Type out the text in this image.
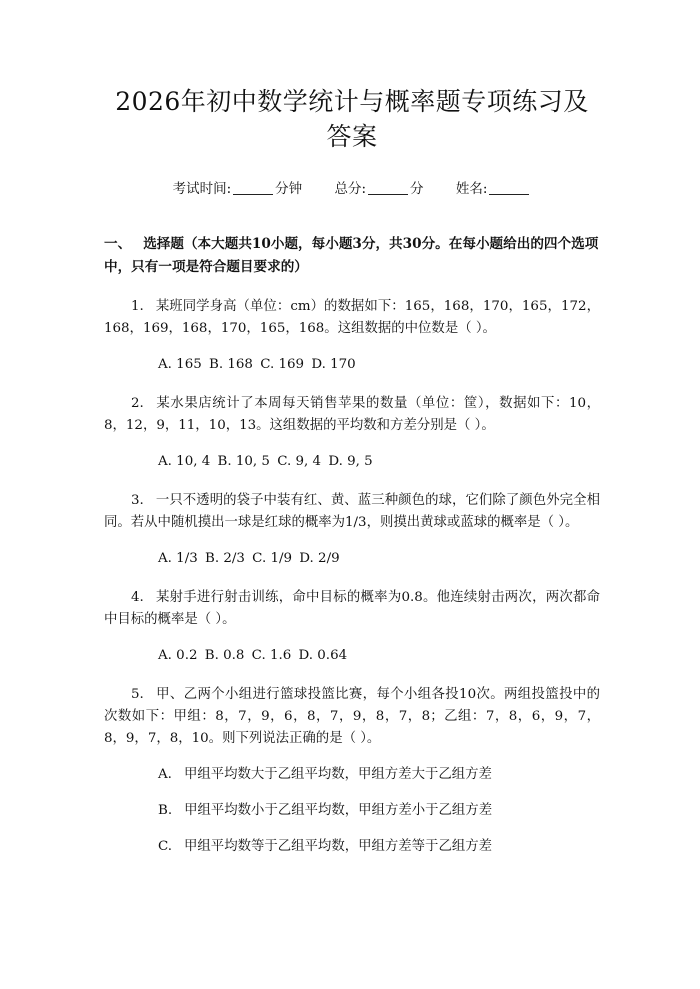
2026年初中数学统计与概率题专项练习及答案
考试时间:	分钟 总分:	分 姓名:
一、 选择题（本大题共10小题，每小题3分，共30分。在每小题给出的四个选项中，只有一项是符合题目要求的）
1. 某班同学身高（单位：cm）的数据如下：165，168，170，165，172，168，169，168，170，165，168。这组数据的中位数是（ ）。
A. 165 B. 168 C. 169 D. 170
2. 某水果店统计了本周每天销售苹果的数量（单位：筐），数据如下：10，8，12，9，11，10，13。这组数据的平均数和方差分别是（ ）。
A. 10, 4 B. 10, 5 C. 9, 4 D. 9, 5
3. 一只不透明的袋子中装有红、黄、蓝三种颜色的球，它们除了颜色外完全相同。若从中随机摸出一球是红球的概率为1/3，则摸出黄球或蓝球的概率是（ ）。
A. 1/3 B. 2/3 C. 1/9 D. 2/9
4. 某射手进行射击训练，命中目标的概率为0.8。他连续射击两次，两次都命中目标的概率是（ ）。
A. 0.2 B. 0.8 C. 1.6 D. 0.64
5. 甲、乙两个小组进行篮球投篮比赛，每个小组各投10次。两组投篮投中的次数如下：甲组：8，7，9，6，8，7，9，8，7，8；乙组：7，8，6，9，7，8，9，7，8，10。则下列说法正确的是（ ）。
A. 甲组平均数大于乙组平均数，甲组方差大于乙组方差
B. 甲组平均数小于乙组平均数，甲组方差小于乙组方差
C. 甲组平均数等于乙组平均数，甲组方差等于乙组方差
